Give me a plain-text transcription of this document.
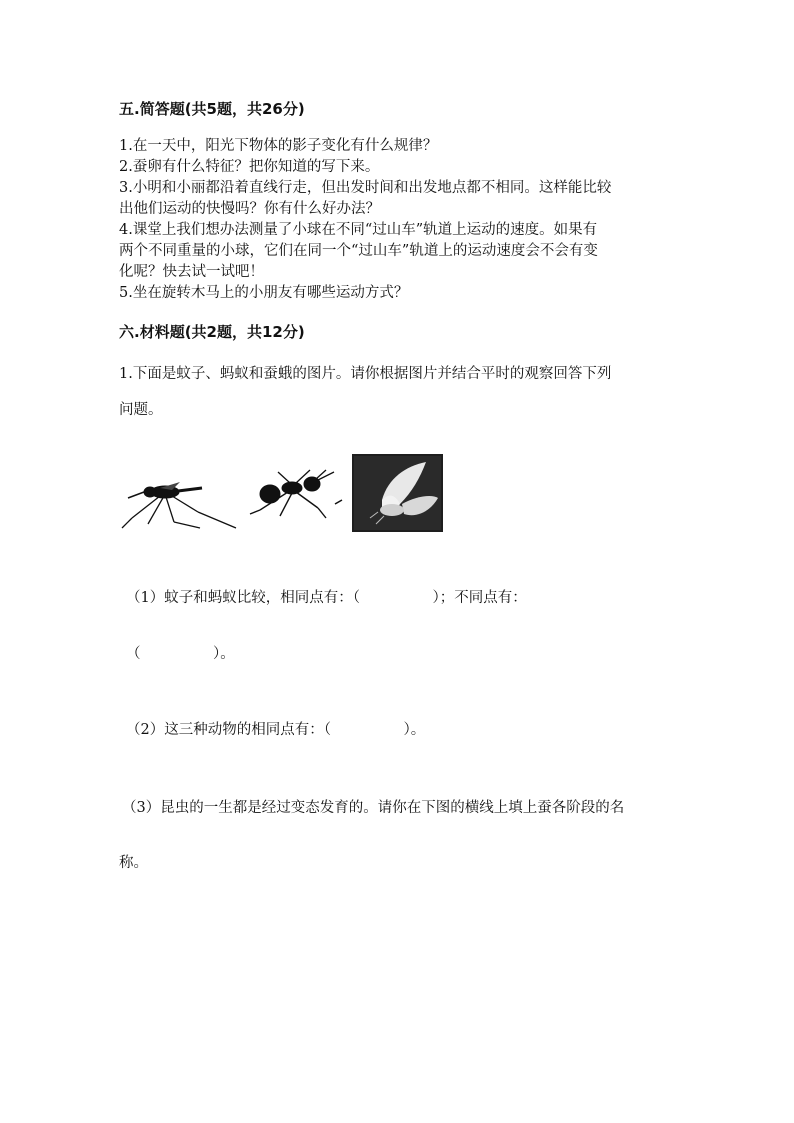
五.简答题(共5题，共26分)
1.在一天中，阳光下物体的影子变化有什么规律？
2.蚕卵有什么特征？把你知道的写下来。
3.小明和小丽都沿着直线行走，但出发时间和出发地点都不相同。这样能比较
出他们运动的快慢吗？你有什么好办法？
4.课堂上我们想办法测量了小球在不同“过山车”轨道上运动的速度。如果有
两个不同重量的小球，它们在同一个“过山车”轨道上的运动速度会不会有变
化呢？快去试一试吧！
5.坐在旋转木马上的小朋友有哪些运动方式？
六.材料题(共2题，共12分)
1.下面是蚊子、蚂蚁和蚕蛾的图片。请你根据图片并结合平时的观察回答下列
问题。
（1）蚊子和蚂蚁比较，相同点有：（　　　　　）；不同点有：
（　　　　　）。
（2）这三种动物的相同点有：（　　　　　）。
（3）昆虫的一生都是经过变态发育的。请你在下图的横线上填上蚕各阶段的名
称。
